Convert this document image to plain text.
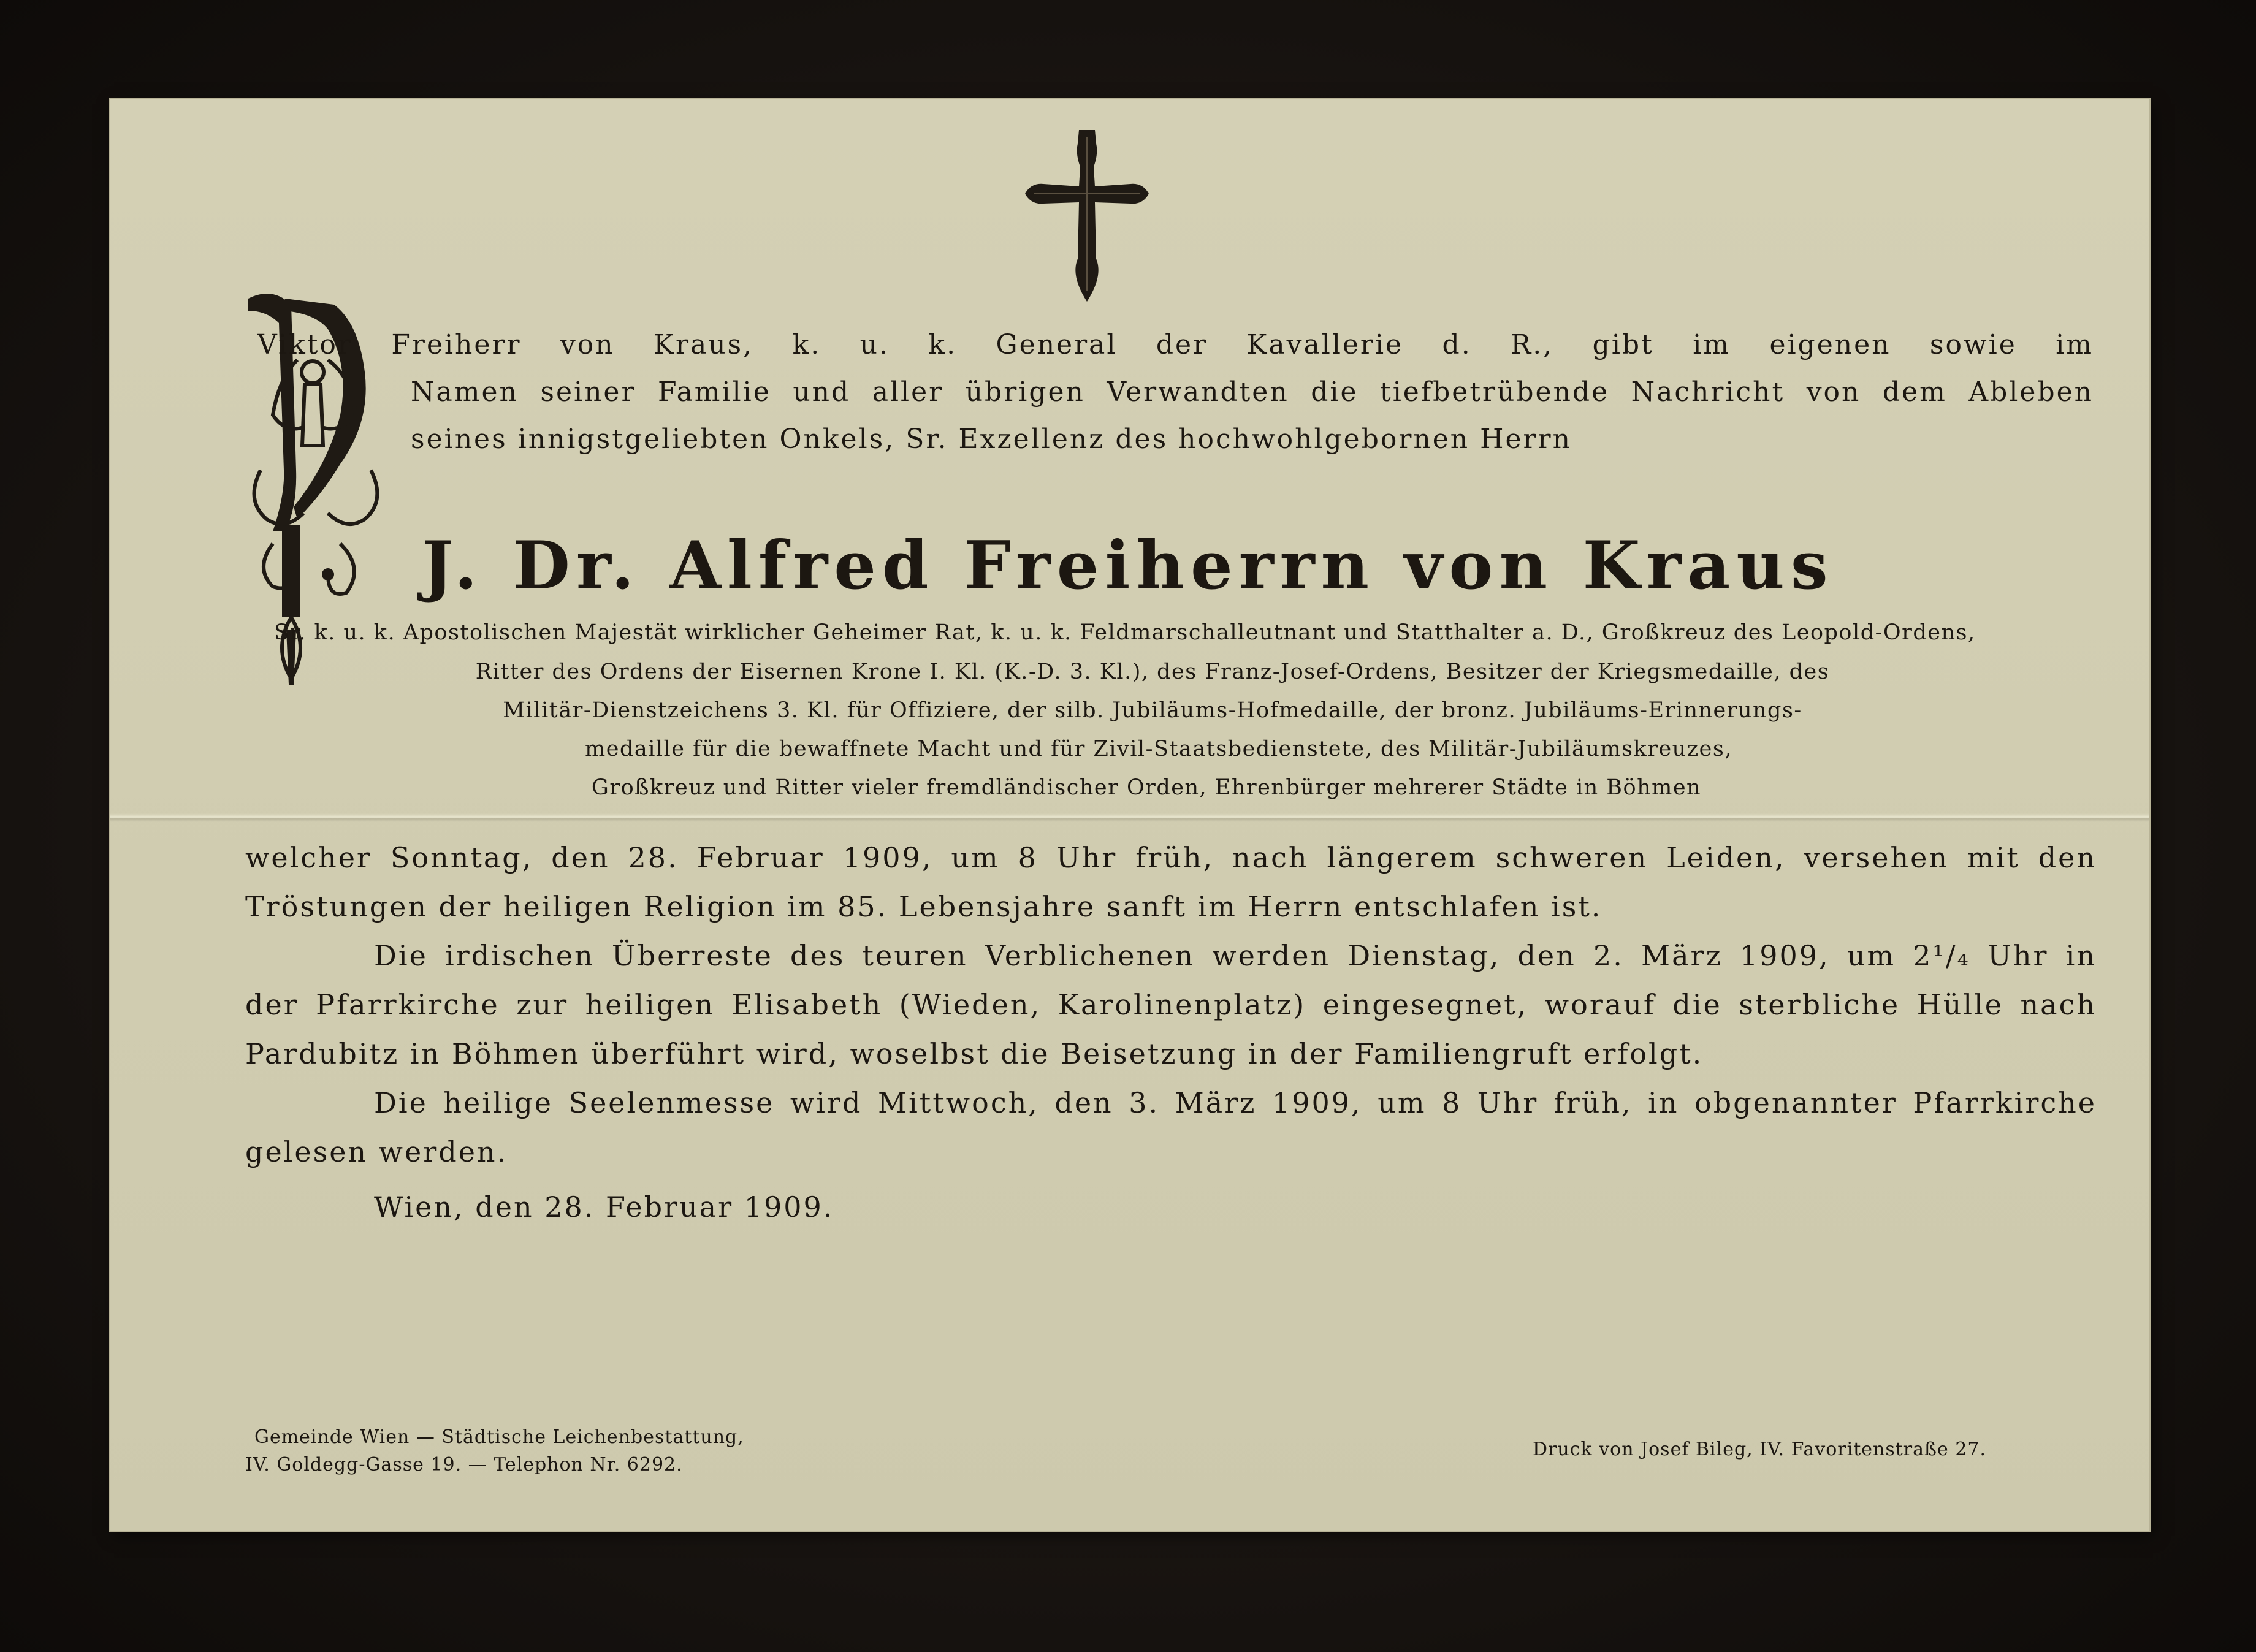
Viktor Freiherr von Kraus, k. u. k. General der Kavallerie d. R., gibt im eigenen sowie im
Namen seiner Familie und aller übrigen Verwandten die tiefbetrübende Nachricht von dem Ableben
seines innigstgeliebten Onkels, Sr. Exzellenz des hochwohlgebornen Herrn
J. Dr. Alfred Freiherrn von Kraus
Sr. k. u. k. Apostolischen Majestät wirklicher Geheimer Rat, k. u. k. Feldmarschalleutnant und Statthalter a. D., Großkreuz des Leopold-Ordens,
Ritter des Ordens der Eisernen Krone I. Kl. (K.-D. 3. Kl.), des Franz-Josef-Ordens, Besitzer der Kriegsmedaille, des
Militär-Dienstzeichens 3. Kl. für Offiziere, der silb. Jubiläums-Hofmedaille, der bronz. Jubiläums-Erinnerungs-
medaille für die bewaffnete Macht und für Zivil-Staatsbedienstete, des Militär-Jubiläumskreuzes,
Großkreuz und Ritter vieler fremdländischer Orden, Ehrenbürger mehrerer Städte in Böhmen
welcher Sonntag, den 28. Februar 1909, um 8 Uhr früh, nach längerem schweren Leiden, versehen mit den
Tröstungen der heiligen Religion im 85. Lebensjahre sanft im Herrn entschlafen ist.
Die irdischen Überreste des teuren Verblichenen werden Dienstag, den 2. März 1909, um 2¹/₄ Uhr in
der Pfarrkirche zur heiligen Elisabeth (Wieden, Karolinenplatz) eingesegnet, worauf die sterbliche Hülle nach
Pardubitz in Böhmen überführt wird, woselbst die Beisetzung in der Familiengruft erfolgt.
Die heilige Seelenmesse wird Mittwoch, den 3. März 1909, um 8 Uhr früh, in obgenannter Pfarrkirche
gelesen werden.
Wien, den 28. Februar 1909.
Gemeinde Wien — Städtische Leichenbestattung,
IV. Goldegg-Gasse 19. — Telephon Nr. 6292.
Druck von Josef Bileg, IV. Favoritenstraße 27.
